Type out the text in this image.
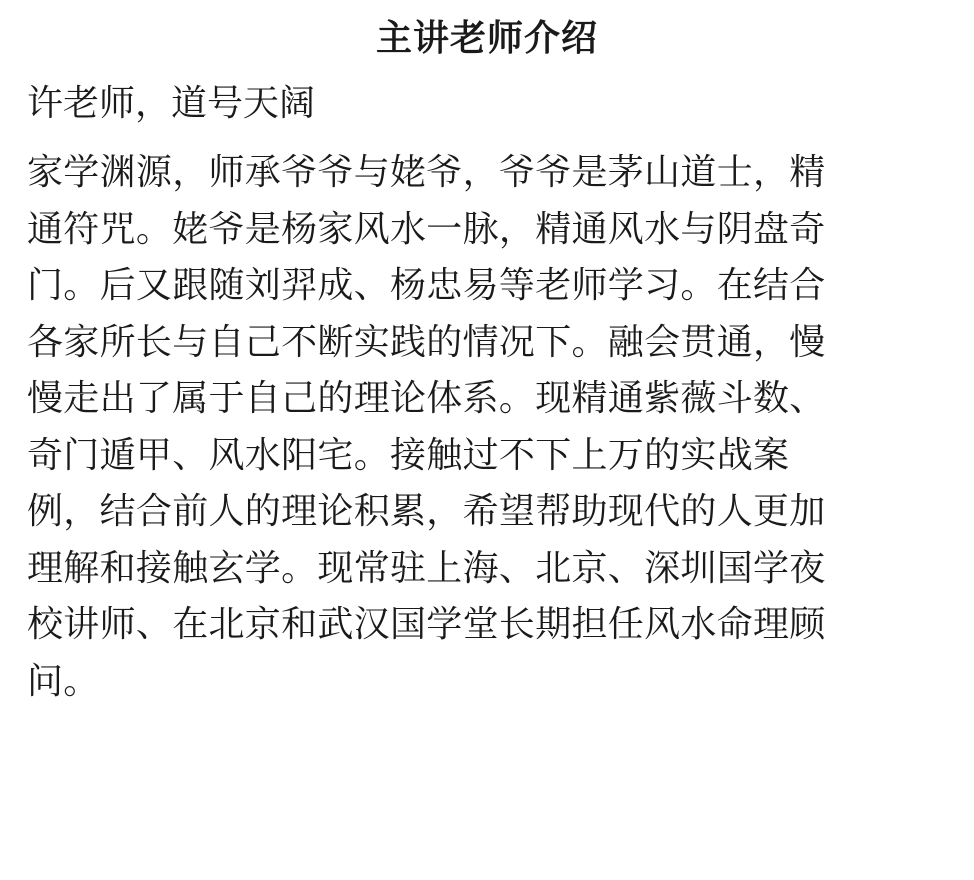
主讲老师介绍
许老师，道号天阔
家学渊源，师承爷爷与姥爷，爷爷是茅山道士，精
通符咒。姥爷是杨家风水一脉，精通风水与阴盘奇
门。后又跟随刘羿成、杨忠易等老师学习。在结合
各家所长与自己不断实践的情况下。融会贯通，慢
慢走出了属于自己的理论体系。现精通紫薇斗数、
奇门遁甲、风水阳宅。接触过不下上万的实战案
例，结合前人的理论积累，希望帮助现代的人更加
理解和接触玄学。现常驻上海、北京、深圳国学夜
校讲师、在北京和武汉国学堂长期担任风水命理顾
问。
